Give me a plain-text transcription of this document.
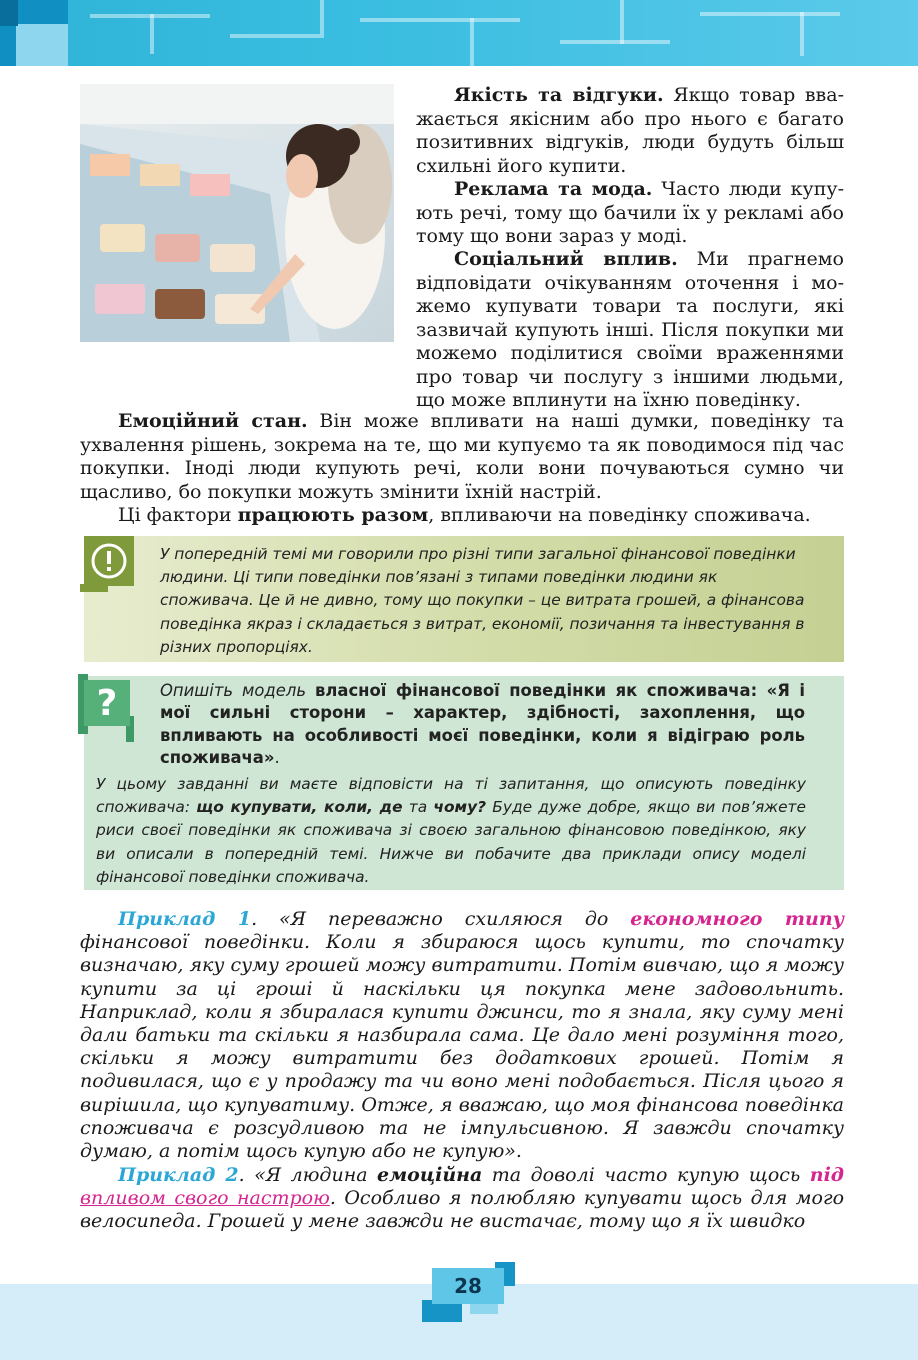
Якість та відгуки. Якщо товар вважається якісним або про нього є багато позитивних відгуків, люди будуть більш схильні його купити.

Реклама та мода. Часто люди купують речі, тому що бачили їх у рекламі або тому що вони зараз у моді.

Соціальний вплив. Ми прагнемо відповідати очікуванням оточення і можемо купувати товари та послуги, які зазвичай купують інші. Після покупки ми можемо поділитися своїми враженнями про товар чи послугу з іншими людьми, що може вплинути на їхню поведінку.

Емоційний стан. Він може впливати на наші думки, поведінку та ухвалення рішень, зокрема на те, що ми купуємо та як поводимося під час покупки. Іноді люди купують речі, коли вони почуваються сумно чи щасливо, бо покупки можуть змінити їхній настрій.

Ці фактори працюють разом, впливаючи на поведінку споживача.

У попередній темі ми говорили про різні типи загальної фінансової поведінки людини. Ці типи поведінки пов’язані з типами поведінки людини як споживача. Це й не дивно, тому що покупки – це витрата грошей, а фінансова поведінка якраз і складається з витрат, економії, позичання та інвестування в різних пропорціях.

?	Опишіть модель власної фінансової поведінки як споживача: «Я і мої сильні сторони – характер, здібності, захоплення, що впливають на особливості моєї поведінки, коли я відіграю роль споживача».

У цьому завданні ви маєте відповісти на ті запитання, що описують поведінку споживача: що купувати, коли, де та чому? Буде дуже добре, якщо ви пов’яжете риси своєї поведінки як споживача зі своєю загальною фінансовою поведінкою, яку ви описали в попередній темі. Нижче ви побачите два приклади опису моделі фінансової поведінки споживача.

Приклад 1. «Я переважно схиляюся до економного типу фінансової поведінки. Коли я збираюся щось купити, то спочатку визначаю, яку суму грошей можу витратити. Потім вивчаю, що я можу купити за ці гроші й наскільки ця покупка мене задовольнить. Наприклад, коли я збиралася купити джинси, то я знала, яку суму мені дали батьки та скільки я назбирала сама. Це дало мені розуміння того, скільки я можу витратити без додаткових грошей. Потім я подивилася, що є у продажу та чи воно мені подобається. Після цього я вирішила, що купуватиму. Отже, я вважаю, що моя фінансова поведінка споживача є розсудливою та не імпульсивною. Я завжди спочатку думаю, а потім щось купую або не купую».

Приклад 2. «Я людина емоційна та доволі часто купую щось під впливом свого настрою. Особливо я полюбляю купувати щось для мого велосипеда. Грошей у мене завжди не вистачає, тому що я їх швидко

28
